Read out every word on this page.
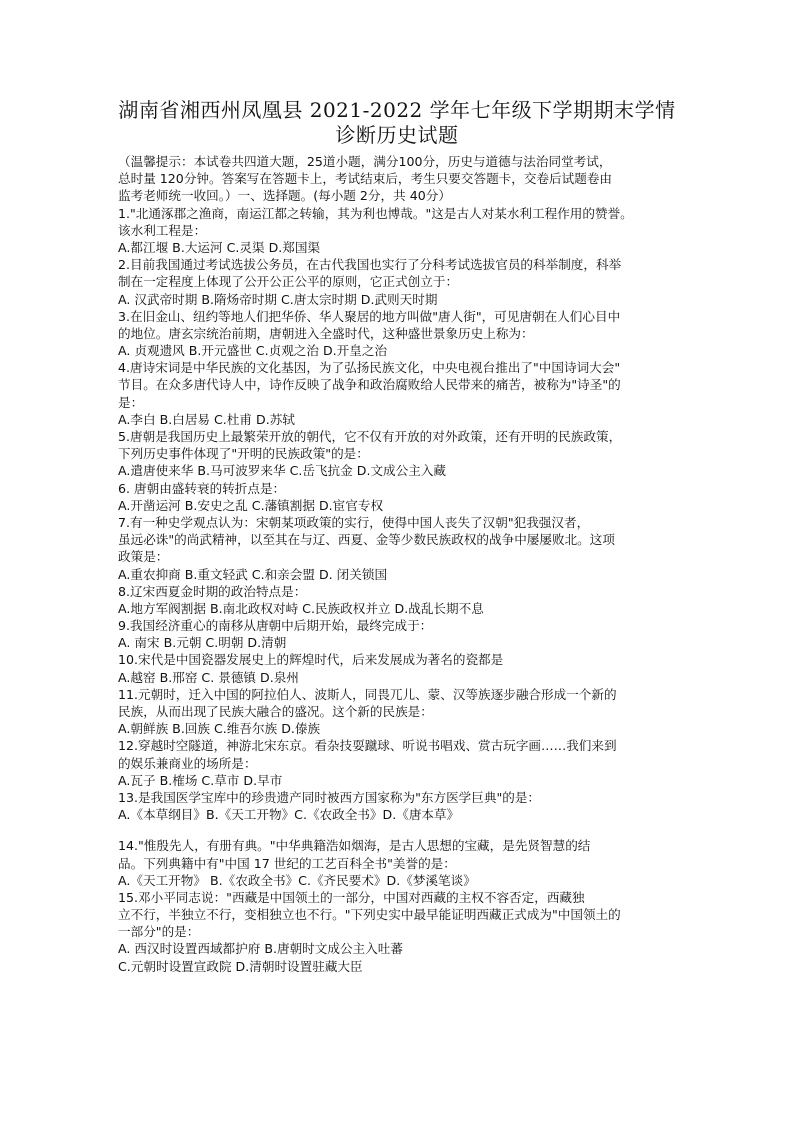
湖南省湘西州凤凰县 2021-2022 学年七年级下学期期末学情
诊断历史试题
（温馨提示：本试卷共四道大题，25道小题，满分100分，历史与道德与法治同堂考试，
总时量 120分钟。答案写在答题卡上，考试结束后，考生只要交答题卡，交卷后试题卷由
监考老师统一收回。）一、选择题。(每小题 2分，共 40分）
1."北通涿郡之渔商，南运江都之转输，其为利也博哉。"这是古人对某水利工程作用的赞誉。
该水利工程是：
A.都江堰 B.大运河 C.灵渠 D.郑国渠
2.目前我国通过考试选拔公务员，在古代我国也实行了分科考试选拔官员的科举制度，科举
制在一定程度上体现了公开公正公平的原则，它正式创立于：
A. 汉武帝时期 B.隋炀帝时期 C.唐太宗时期 D.武则天时期
3.在旧金山、纽约等地人们把华侨、华人聚居的地方叫做"唐人街"，可见唐朝在人们心目中
的地位。唐玄宗统治前期，唐朝进入全盛时代，这种盛世景象历史上称为：
A. 贞观遗风 B.开元盛世 C.贞观之治 D.开皇之治
4.唐诗宋词是中华民族的文化基因，为了弘扬民族文化，中央电视台推出了"中国诗词大会"
节目。在众多唐代诗人中，诗作反映了战争和政治腐败给人民带来的痛苦，被称为"诗圣"的
是：
A.李白 B.白居易 C.杜甫 D.苏轼
5.唐朝是我国历史上最繁荣开放的朝代，它不仅有开放的对外政策，还有开明的民族政策，
下列历史事件体现了"开明的民族政策"的是：
A.遣唐使来华 B.马可波罗来华 C.岳飞抗金 D.文成公主入藏
6. 唐朝由盛转衰的转折点是：
A.开凿运河 B.安史之乱 C.藩镇割据 D.宦官专权
7.有一种史学观点认为：宋朝某项政策的实行，使得中国人丧失了汉朝"犯我强汉者，
虽远必诛"的尚武精神，以至其在与辽、西夏、金等少数民族政权的战争中屡屡败北。这项
政策是：
A.重农抑商 B.重文轻武 C.和亲会盟 D. 闭关锁国
8.辽宋西夏金时期的政治特点是：
A.地方军阀割据 B.南北政权对峙 C.民族政权并立 D.战乱长期不息
9.我国经济重心的南移从唐朝中后期开始，最终完成于：
A. 南宋 B.元朝 C.明朝 D.清朝
10.宋代是中国瓷器发展史上的辉煌时代，后来发展成为著名的瓷都是
A.越窑 B.邢窑 C. 景德镇 D.泉州
11.元朝时，迁入中国的阿拉伯人、波斯人，同畏兀儿、蒙、汉等族逐步融合形成一个新的
民族，从而出现了民族大融合的盛况。这个新的民族是：
A.朝鲜族 B.回族 C.维吾尔族 D.傣族
12.穿越时空隧道，神游北宋东京。看杂技耍蹴球、听说书唱戏、赏古玩字画……我们来到
的娱乐兼商业的场所是：
A.瓦子 B.榷场 C.草市 D.早市
13.是我国医学宝库中的珍贵遗产同时被西方国家称为"东方医学巨典"的是：
A.《本草纲目》B.《天工开物》C.《农政全书》D.《唐本草》
14."惟殷先人，有册有典。"中华典籍浩如烟海，是古人思想的宝藏，是先贤智慧的结
品。下列典籍中有"中国 17 世纪的工艺百科全书"美誉的是：
A.《天工开物》 B.《农政全书》C.《齐民要术》D.《梦溪笔谈》
15.邓小平同志说："西藏是中国领土的一部分，中国对西藏的主权不容否定，西藏独
立不行，半独立不行，变相独立也不行。"下列史实中最早能证明西藏正式成为"中国领土的
一部分"的是：
A. 西汉时设置西域都护府 B.唐朝时文成公主入吐蕃
C.元朝时设置宣政院 D.清朝时设置驻藏大臣
